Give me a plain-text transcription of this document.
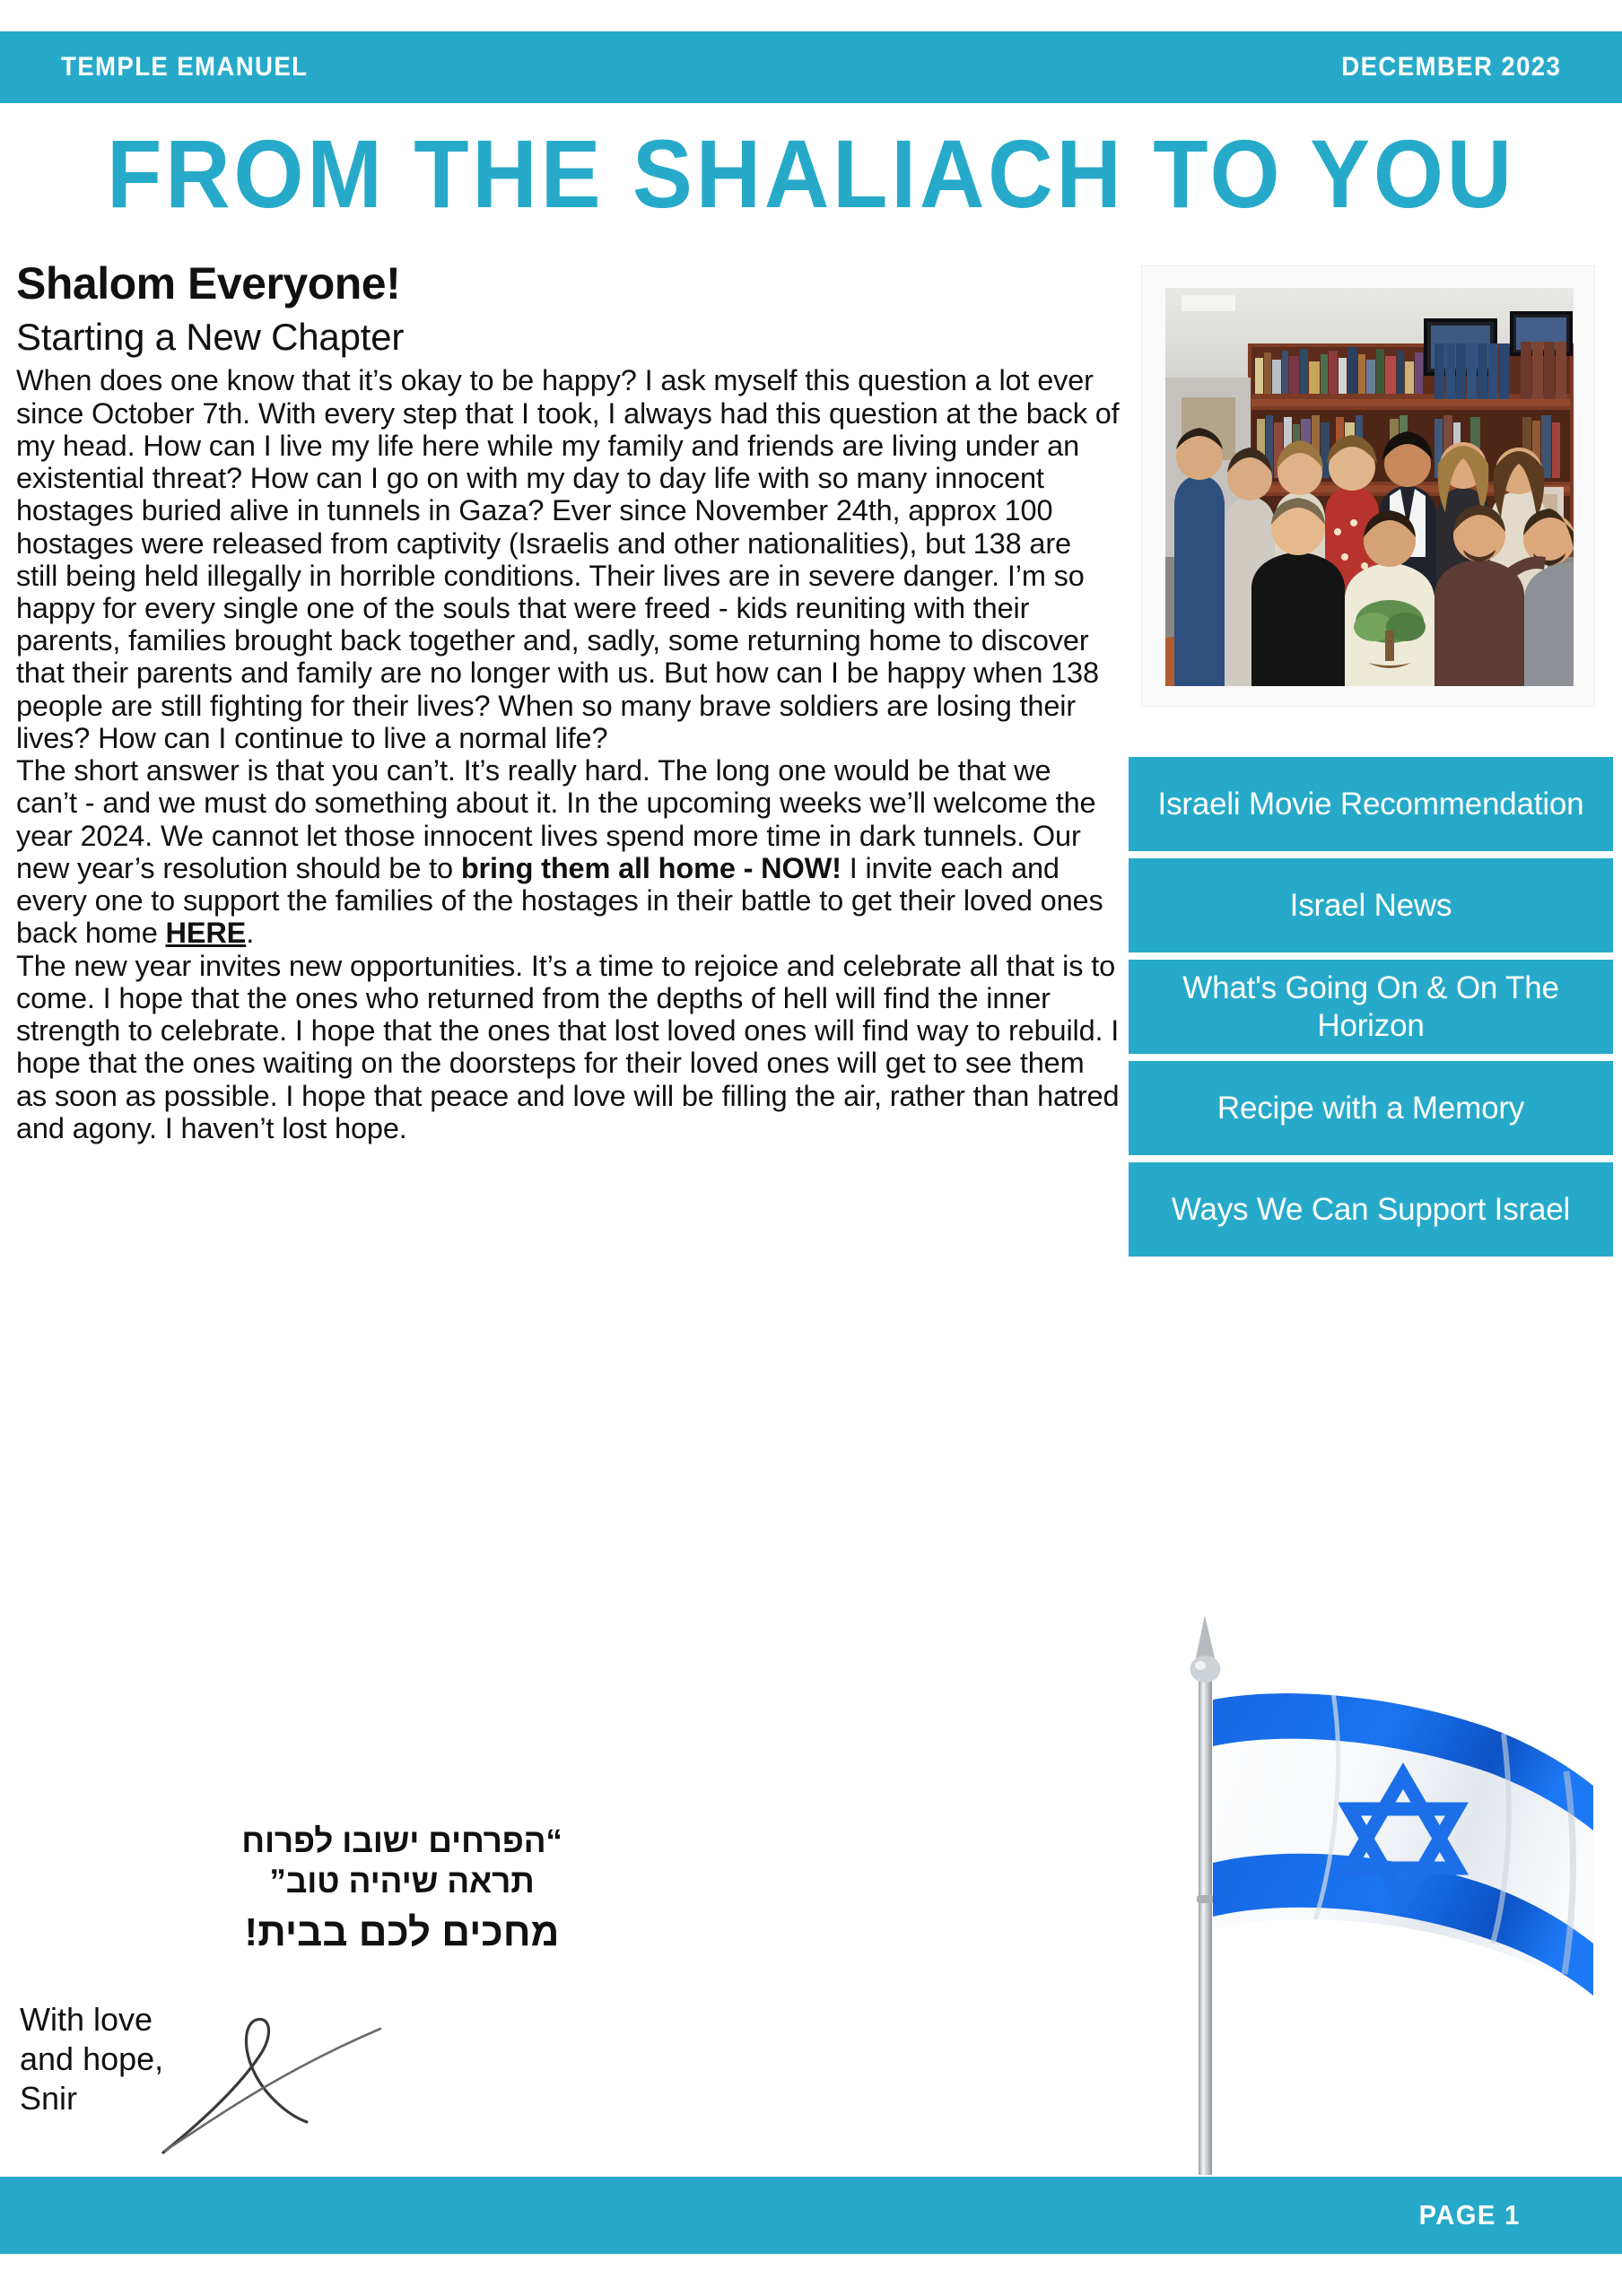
TEMPLE EMANUEL	DECEMBER 2023
FROM THE SHALIACH TO YOU
Shalom Everyone!
Starting a New Chapter

When does one know that it’s okay to be happy? I ask myself this question a lot ever since October 7th. With every step that I took, I always had this question at the back of my head. How can I live my life here while my family and friends are living under an existential threat? How can I go on with my day to day life with so many innocent hostages buried alive in tunnels in Gaza? Ever since November 24th, approx 100 hostages were released from captivity (Israelis and other nationalities), but 138 are still being held illegally in horrible conditions. Their lives are in severe danger. I’m so happy for every single one of the souls that were freed - kids reuniting with their parents, families brought back together and, sadly, some returning home to discover that their parents and family are no longer with us. But how can I be happy when 138 people are still fighting for their lives? When so many brave soldiers are losing their lives? How can I continue to live a normal life?

The short answer is that you can’t. It’s really hard. The long one would be that we can’t - and we must do something about it. In the upcoming weeks we’ll welcome the year 2024. We cannot let those innocent lives spend more time in dark tunnels. Our new year’s resolution should be to bring them all home - NOW! I invite each and every one to support the families of the hostages in their battle to get their loved ones back home HERE.

The new year invites new opportunities. It’s a time to rejoice and celebrate all that is to come. I hope that the ones who returned from the depths of hell will find the inner strength to celebrate. I hope that the ones that lost loved ones will find way to rebuild. I hope that the ones waiting on the doorsteps for their loved ones will get to see them as soon as possible. I hope that peace and love will be filling the air, rather than hatred and agony. I haven’t lost hope.

“הפרחים ישובו לפרוח
תראה שיהיה טוב”
מחכים לכם בבית!
With love
and hope,
Snir
Israeli Movie Recommendation
Israel News
What's Going On & On The Horizon
Recipe with a Memory
Ways We Can Support Israel
PAGE 1
